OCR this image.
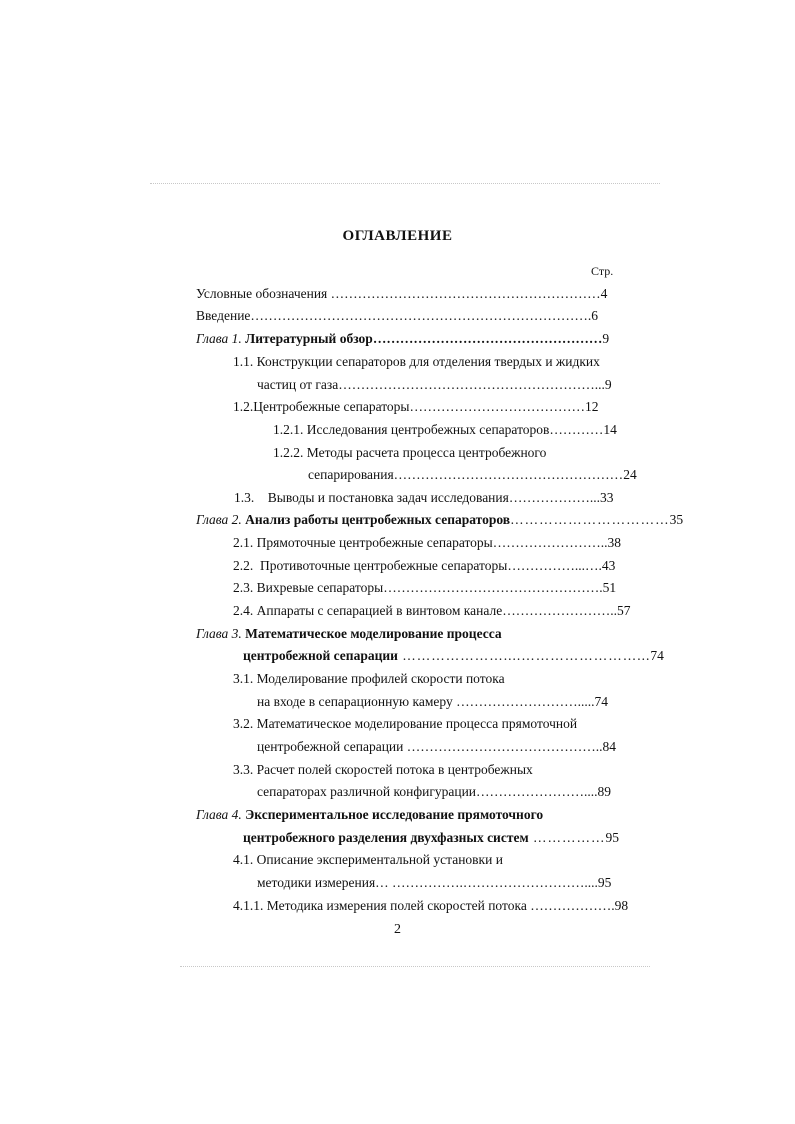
ОГЛАВЛЕНИЕ
Стр.
Условные обозначения ……………………………………………………4
Введение………………………………………………………………….6
Глава 1. Литературный обзор……………………………………………9
1.1. Конструкции сепараторов для отделения твердых и жидких
частиц от газа…………………………………………………...9
1.2.Центробежные сепараторы…………………………………12
1.2.1. Исследования центробежных сепараторов…………14
1.2.2. Методы расчета процесса центробежного
сепарирования……………………………………………24
1.3. Выводы и постановка задач исследования………………...33
Глава 2.
Анализ работы центробежных сепараторов …………………………… 35
2.1. Прямоточные центробежные сепараторы……………………..38
2.2. Противоточные центробежные сепараторы……………...….43
2.3. Вихревые сепараторы………………………………………….51
2.4. Аппараты с сепарацией в винтовом канале……………………..57
Глава 3. Математическое моделирование процесса
центробежной сепарации …………………....……………………... 74
3.1. Моделирование профилей скорости потока
на входе в сепарационную камеру ……………………….....74
3.2. Математическое моделирование процесса прямоточной
центробежной сепарации ……………………………………..84
3.3. Расчет полей скоростей потока в центробежных
сепараторах различной конфигурации……………………....89
Глава 4. Экспериментальное исследование прямоточного
центробежного разделения двухфазных систем …………… 95
4.1. Описание экспериментальной установки и
методики измерения… …………….………………………....95
4.1.1. Методика измерения полей скоростей потока ……………….98
2
